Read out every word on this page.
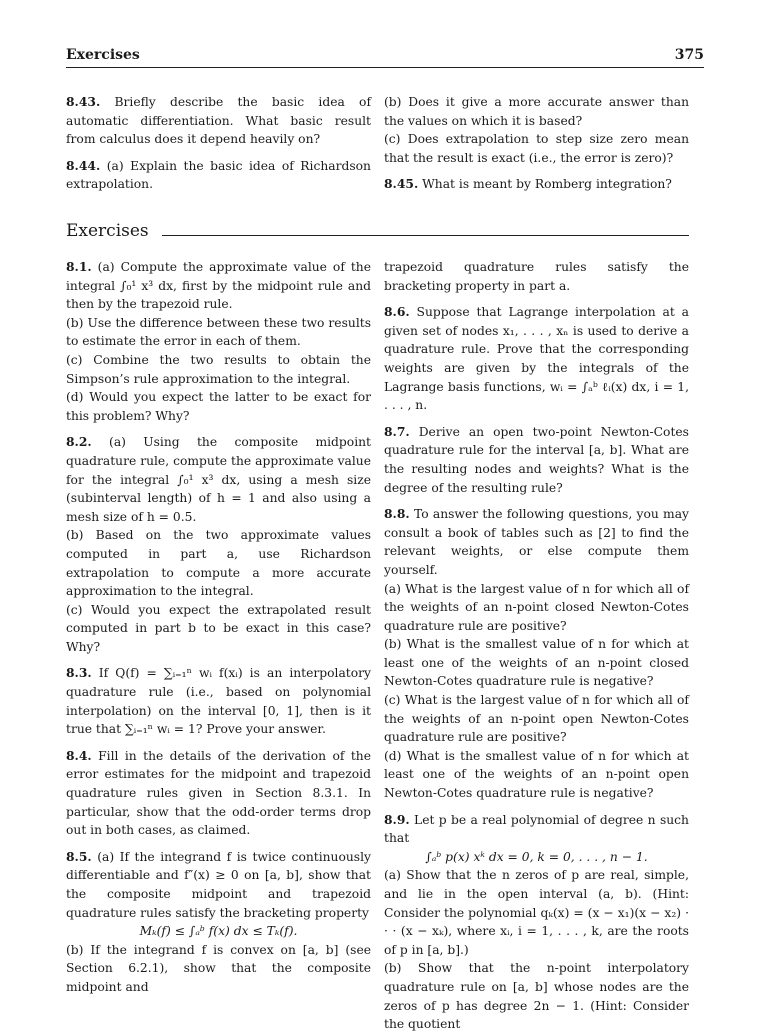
Exercises	375

8.43. Briefly describe the basic idea of automatic differentiation. What basic result from calculus does it depend heavily on?

8.44. (a) Explain the basic idea of Richardson extrapolation.

(b) Does it give a more accurate answer than the values on which it is based?

(c) Does extrapolation to step size zero mean that the result is exact (i.e., the error is zero)?

8.45. What is meant by Romberg integration?

Exercises

8.1. (a) Compute the approximate value of the integral ∫₀¹ x³ dx, first by the midpoint rule and then by the trapezoid rule.

(b) Use the difference between these two results to estimate the error in each of them.

(c) Combine the two results to obtain the Simpson’s rule approximation to the integral.

(d) Would you expect the latter to be exact for this problem? Why?

8.2. (a) Using the composite midpoint quadrature rule, compute the approximate value for the integral ∫₀¹ x³ dx, using a mesh size (subinterval length) of h = 1 and also using a mesh size of h = 0.5.

(b) Based on the two approximate values computed in part a, use Richardson extrapolation to compute a more accurate approximation to the integral.

(c) Would you expect the extrapolated result computed in part b to be exact in this case? Why?

8.3. If Q(f) = ∑ᵢ₌₁ⁿ wᵢ f(xᵢ) is an interpolatory quadrature rule (i.e., based on polynomial interpolation) on the interval [0, 1], then is it true that ∑ᵢ₌₁ⁿ wᵢ = 1? Prove your answer.

8.4. Fill in the details of the derivation of the error estimates for the midpoint and trapezoid quadrature rules given in Section 8.3.1. In particular, show that the odd-order terms drop out in both cases, as claimed.

8.5. (a) If the integrand f is twice continuously differentiable and f″(x) ≥ 0 on [a, b], show that the composite midpoint and trapezoid quadrature rules satisfy the bracketing property

Mₖ(f) ≤ ∫ₐᵇ f(x) dx ≤ Tₖ(f).

(b) If the integrand f is convex on [a, b] (see Section 6.2.1), show that the composite midpoint and

trapezoid quadrature rules satisfy the bracketing property in part a.

8.6. Suppose that Lagrange interpolation at a given set of nodes x₁, . . . , xₙ is used to derive a quadrature rule. Prove that the corresponding weights are given by the integrals of the Lagrange basis functions, wᵢ = ∫ₐᵇ ℓᵢ(x) dx, i = 1, . . . , n.

8.7. Derive an open two-point Newton-Cotes quadrature rule for the interval [a, b]. What are the resulting nodes and weights? What is the degree of the resulting rule?

8.8. To answer the following questions, you may consult a book of tables such as [2] to find the relevant weights, or else compute them yourself.

(a) What is the largest value of n for which all of the weights of an n-point closed Newton-Cotes quadrature rule are positive?

(b) What is the smallest value of n for which at least one of the weights of an n-point closed Newton-Cotes quadrature rule is negative?

(c) What is the largest value of n for which all of the weights of an n-point open Newton-Cotes quadrature rule are positive?

(d) What is the smallest value of n for which at least one of the weights of an n-point open Newton-Cotes quadrature rule is negative?

8.9. Let p be a real polynomial of degree n such that

∫ₐᵇ p(x) xᵏ dx = 0, k = 0, . . . , n − 1.

(a) Show that the n zeros of p are real, simple, and lie in the open interval (a, b). (Hint: Consider the polynomial qₖ(x) = (x − x₁)(x − x₂) · · · (x − xₖ), where xᵢ, i = 1, . . . , k, are the roots of p in [a, b].)

(b) Show that the n-point interpolatory quadrature rule on [a, b] whose nodes are the zeros of p has degree 2n − 1. (Hint: Consider the quotient
